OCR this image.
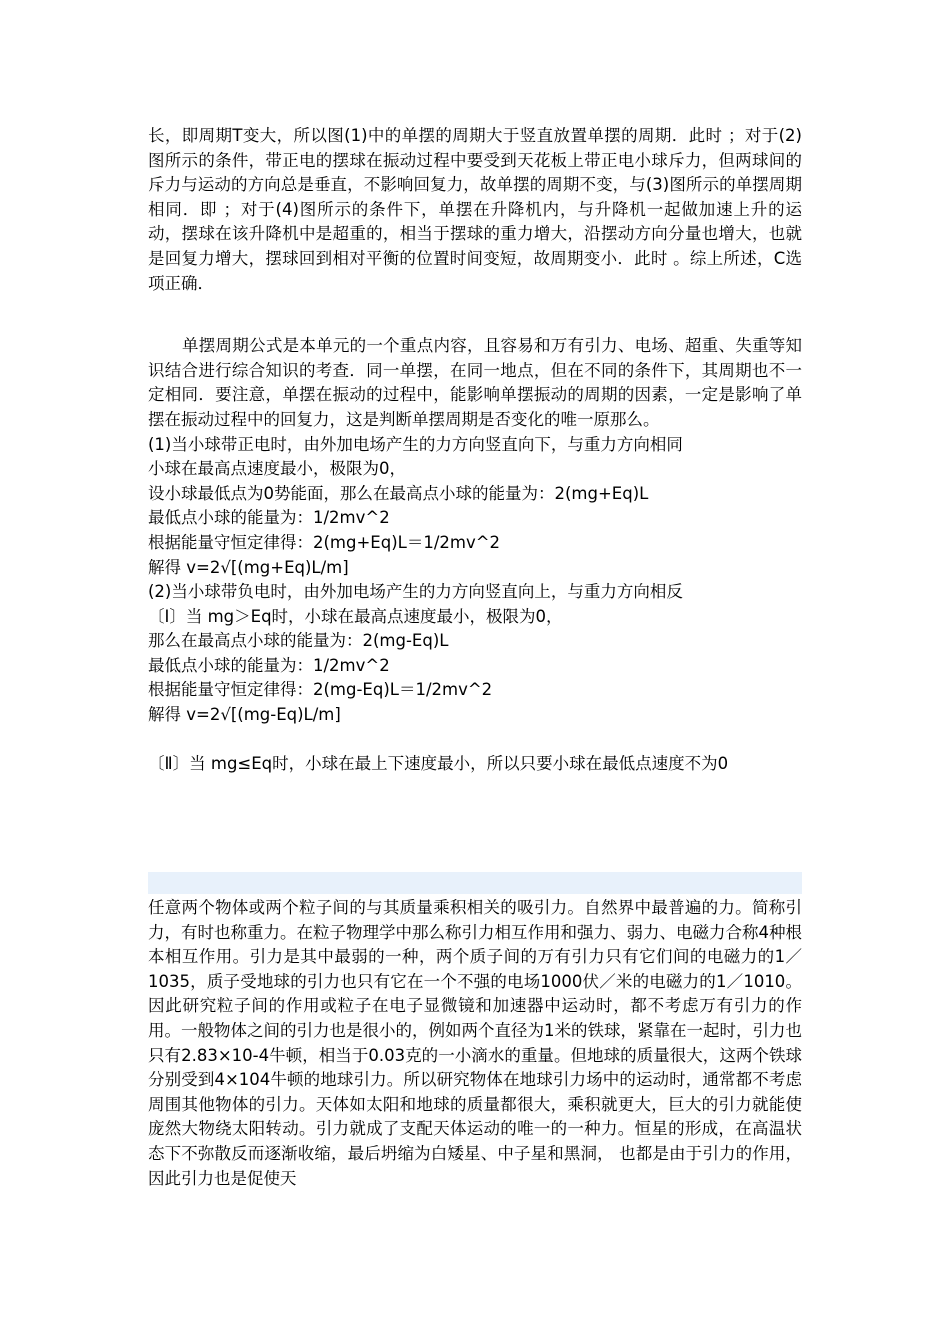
长，即周期T变大，所以图(1)中的单摆的周期大于竖直放置单摆的周期．此时 ；对于(2)图所示的条件，带正电的摆球在振动过程中要受到天花板上带正电小球斥力，但两球间的斥力与运动的方向总是垂直，不影响回复力，故单摆的周期不变，与(3)图所示的单摆周期相同．即 ；对于(4)图所示的条件下，单摆在升降机内，与升降机一起做加速上升的运动，摆球在该升降机中是超重的，相当于摆球的重力增大，沿摆动方向分量也增大，也就是回复力增大，摆球回到相对平衡的位置时间变短，故周期变小．此时 。综上所述，C选项正确．

单摆周期公式是本单元的一个重点内容，且容易和万有引力、电场、超重、失重等知识结合进行综合知识的考查．同一单摆，在同一地点，但在不同的条件下，其周期也不一定相同．要注意，单摆在振动的过程中，能影响单摆振动的周期的因素，一定是影响了单摆在振动过程中的回复力，这是判断单摆周期是否变化的唯一原那么。

(1)当小球带正电时，由外加电场产生的力方向竖直向下，与重力方向相同

小球在最高点速度最小，极限为0，

设小球最低点为0势能面，那么在最高点小球的能量为：2(mg+Eq)L

最低点小球的能量为：1/2mv^2

根据能量守恒定律得：2(mg+Eq)L＝1/2mv^2

解得 v=2√[(mg+Eq)L/m]

(2)当小球带负电时，由外加电场产生的力方向竖直向上，与重力方向相反

〔Ⅰ〕当 mg＞Eq时，小球在最高点速度最小，极限为0，

那么在最高点小球的能量为：2(mg-Eq)L

最低点小球的能量为：1/2mv^2

根据能量守恒定律得：2(mg-Eq)L＝1/2mv^2

解得 v=2√[(mg-Eq)L/m]

〔Ⅱ〕当 mg≤Eq时，小球在最上下速度最小，所以只要小球在最低点速度不为0

任意两个物体或两个粒子间的与其质量乘积相关的吸引力。自然界中最普遍的力。简称引力，有时也称重力。在粒子物理学中那么称引力相互作用和强力、弱力、电磁力合称4种根本相互作用。引力是其中最弱的一种，两个质子间的万有引力只有它们间的电磁力的1／1035，质子受地球的引力也只有它在一个不强的电场1000伏／米的电磁力的1／1010。因此研究粒子间的作用或粒子在电子显微镜和加速器中运动时，都不考虑万有引力的作用。一般物体之间的引力也是很小的，例如两个直径为1米的铁球，紧靠在一起时，引力也只有2.83×10-4牛顿，相当于0.03克的一小滴水的重量。但地球的质量很大，这两个铁球分别受到4×104牛顿的地球引力。所以研究物体在地球引力场中的运动时，通常都不考虑周围其他物体的引力。天体如太阳和地球的质量都很大，乘积就更大，巨大的引力就能使庞然大物绕太阳转动。引力就成了支配天体运动的唯一的一种力。恒星的形成，在高温状态下不弥散反而逐渐收缩，最后坍缩为白矮星、中子星和黑洞， 也都是由于引力的作用，因此引力也是促使天
